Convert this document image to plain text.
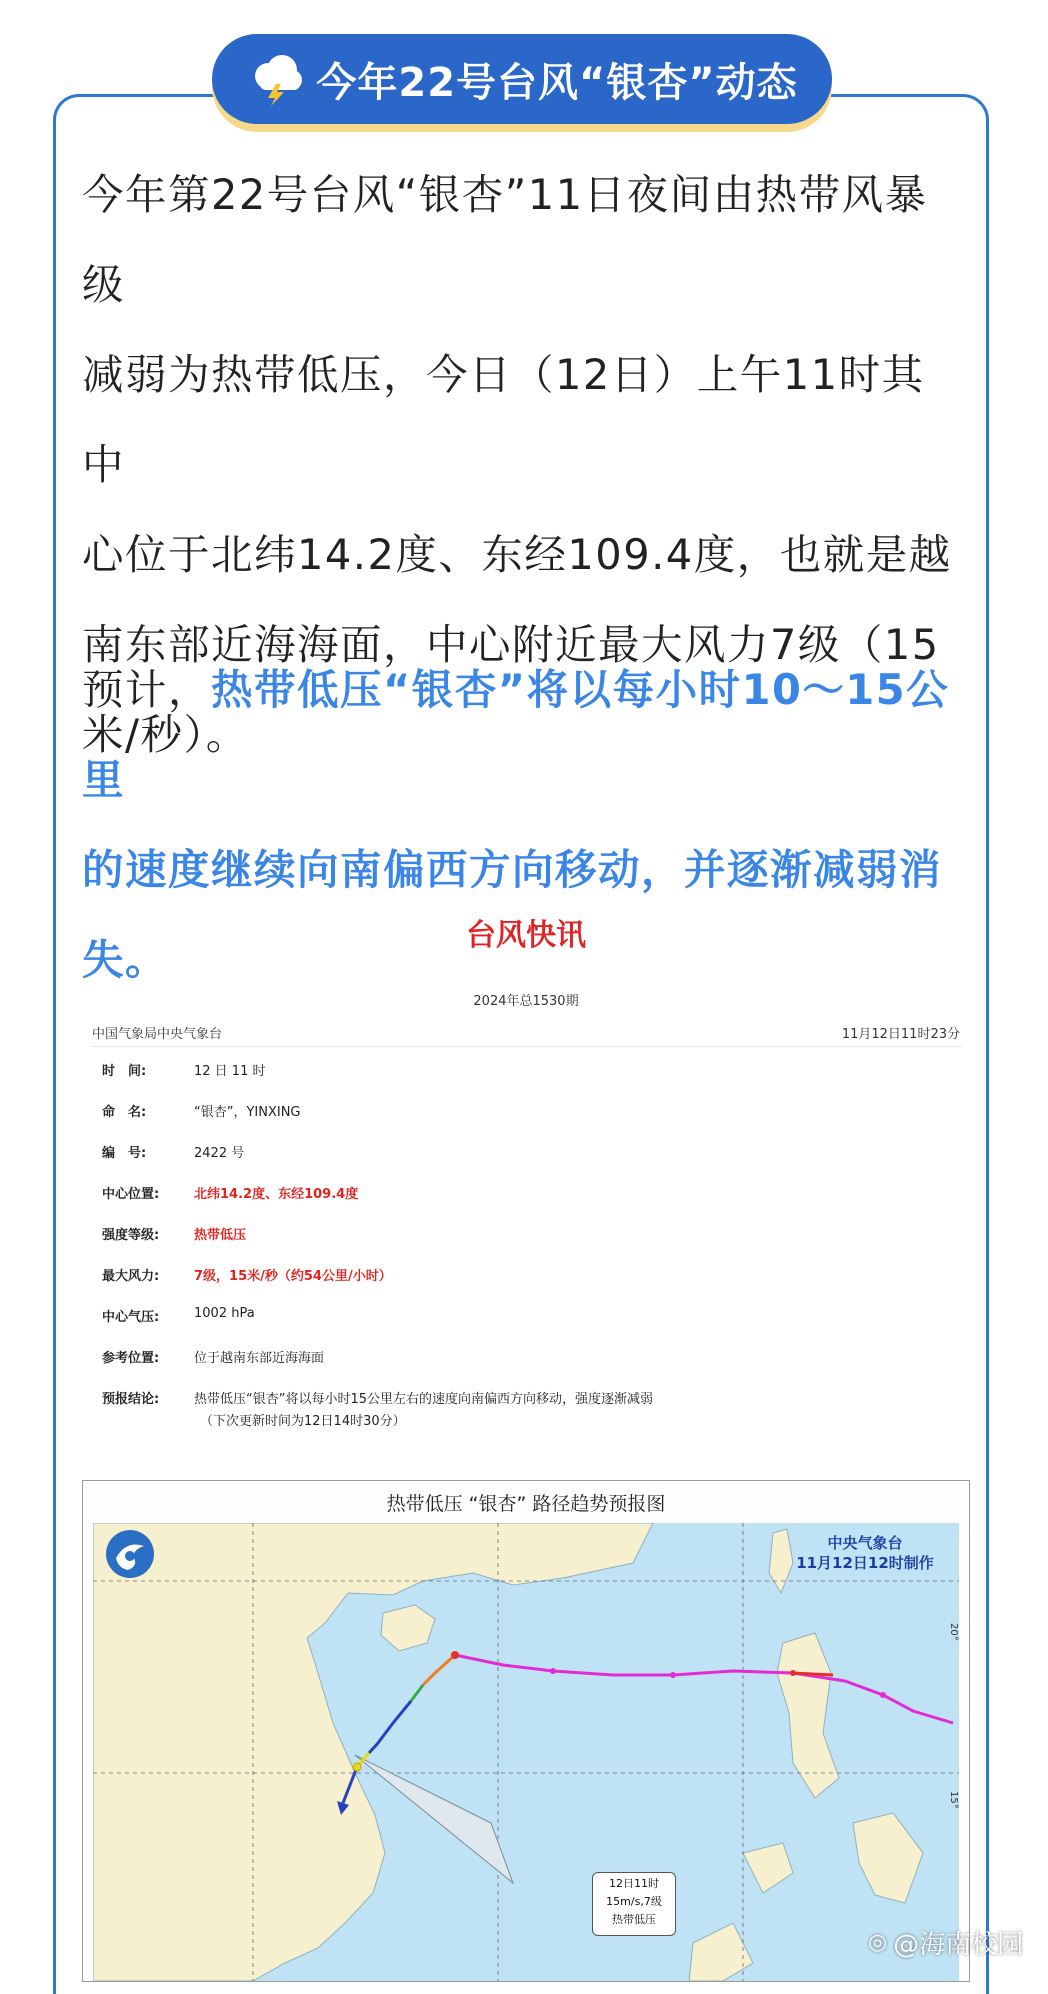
今年22号台风“银杏”动态
今年第22号台风“银杏”11日夜间由热带风暴级
减弱为热带低压，今日（12日）上午11时其中
心位于北纬14.2度、东经109.4度，也就是越
南东部近海海面，中心附近最大风力7级（15
米/秒）。
预计，热带低压“银杏”将以每小时10～15公里
的速度继续向南偏西方向移动，并逐渐减弱消
失。	台风快讯
2024年总1530期
中国气象局中央气象台	11月12日11时23分
时　间:	12 日 11 时
命　名:	“银杏”，YINXING
编　号:	2422 号
中心位置:	北纬14.2度、东经109.4度
强度等级:	热带低压
最大风力:	7级，15米/秒（约54公里/小时）
中心气压:	1002 hPa
参考位置:	位于越南东部近海海面
预报结论:	热带低压“银杏”将以每小时15公里左右的速度向南偏西方向移动，强度逐渐减弱
（下次更新时间为12日14时30分）
热带低压 “银杏” 路径趋势预报图
20°
15°
中央气象台
11月12日12时制作
12日11时
15m/s,7级
热带低压
◎ @海南校园
